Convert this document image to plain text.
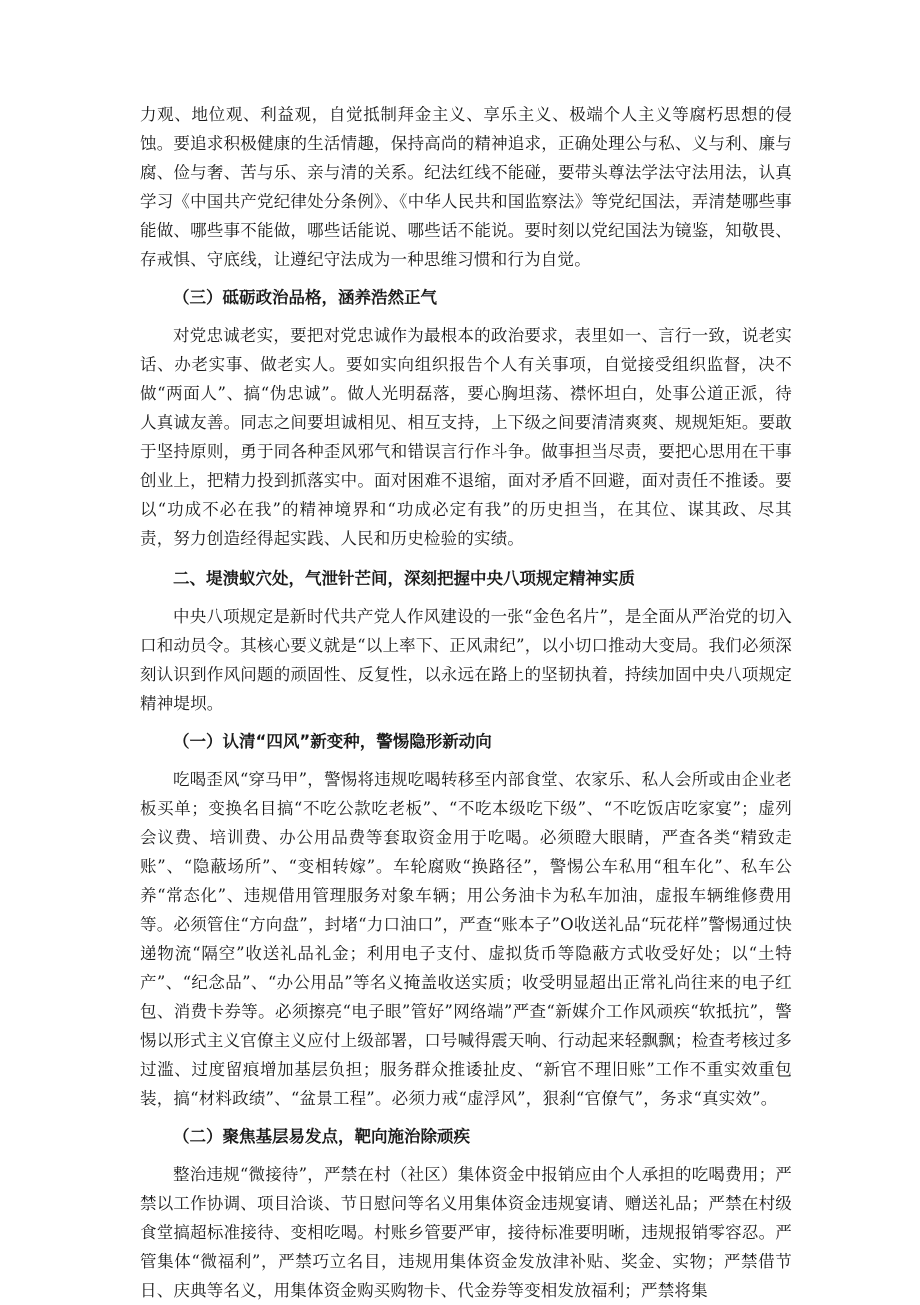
力观、地位观、利益观，自觉抵制拜金主义、享乐主义、极端个人主义等腐朽思想的侵蚀。要追求积极健康的生活情趣，保持高尚的精神追求，正确处理公与私、义与利、廉与腐、俭与奢、苦与乐、亲与清的关系。纪法红线不能碰，要带头尊法学法守法用法，认真学习《中国共产党纪律处分条例》、《中华人民共和国监察法》等党纪国法，弄清楚哪些事能做、哪些事不能做，哪些话能说、哪些话不能说。要时刻以党纪国法为镜鉴，知敬畏、存戒惧、守底线，让遵纪守法成为一种思维习惯和行为自觉。

（三）砥砺政治品格，涵养浩然正气

对党忠诚老实，要把对党忠诚作为最根本的政治要求，表里如一、言行一致，说老实话、办老实事、做老实人。要如实向组织报告个人有关事项，自觉接受组织监督，决不做“两面人”、搞“伪忠诚”。做人光明磊落，要心胸坦荡、襟怀坦白，处事公道正派，待人真诚友善。同志之间要坦诚相见、相互支持，上下级之间要清清爽爽、规规矩矩。要敢于坚持原则，勇于同各种歪风邪气和错误言行作斗争。做事担当尽责，要把心思用在干事创业上，把精力投到抓落实中。面对困难不退缩，面对矛盾不回避，面对责任不推诿。要以“功成不必在我”的精神境界和“功成必定有我”的历史担当，在其位、谋其政、尽其责，努力创造经得起实践、人民和历史检验的实绩。

二、堤溃蚁穴处，气泄针芒间，深刻把握中央八项规定精神实质

中央八项规定是新时代共产党人作风建设的一张“金色名片”，是全面从严治党的切入口和动员令。其核心要义就是“以上率下、正风肃纪”，以小切口推动大变局。我们必须深刻认识到作风问题的顽固性、反复性，以永远在路上的坚韧执着，持续加固中央八项规定精神堤坝。

（一）认清“四风”新变种，警惕隐形新动向

吃喝歪风“穿马甲”，警惕将违规吃喝转移至内部食堂、农家乐、私人会所或由企业老板买单；变换名目搞“不吃公款吃老板”、“不吃本级吃下级”、“不吃饭店吃家宴”；虚列会议费、培训费、办公用品费等套取资金用于吃喝。必须瞪大眼睛，严查各类“精致走账”、“隐蔽场所”、“变相转嫁”。车轮腐败“换路径”，警惕公车私用“租车化”、私车公养“常态化”、违规借用管理服务对象车辆；用公务油卡为私车加油，虚报车辆维修费用等。必须管住“方向盘”，封堵“力口油口”，严查“账本子”O收送礼品“玩花样”警惕通过快递物流“隔空”收送礼品礼金；利用电子支付、虚拟货币等隐蔽方式收受好处；以“土特产”、“纪念品”、“办公用品”等名义掩盖收送实质；收受明显超出正常礼尚往来的电子红包、消费卡券等。必须擦亮“电子眼”管好”网络端”严查“新媒介工作风顽疾“软抵抗”，警惕以形式主义官僚主义应付上级部署，口号喊得震天响、行动起来轻飘飘；检查考核过多过滥、过度留痕增加基层负担；服务群众推诿扯皮、“新官不理旧账”工作不重实效重包装，搞“材料政绩”、“盆景工程”。必须力戒“虚浮风”，狠刹“官僚气”，务求“真实效”。

（二）聚焦基层易发点，靶向施治除顽疾

整治违规“微接待”，严禁在村（社区）集体资金中报销应由个人承担的吃喝费用；严禁以工作协调、项目洽谈、节日慰问等名义用集体资金违规宴请、赠送礼品；严禁在村级食堂搞超标准接待、变相吃喝。村账乡管要严审，接待标准要明晰，违规报销零容忍。严管集体“微福利”，严禁巧立名目，违规用集体资金发放津补贴、奖金、实物；严禁借节日、庆典等名义，用集体资金购买购物卡、代金券等变相发放福利；严禁将集
